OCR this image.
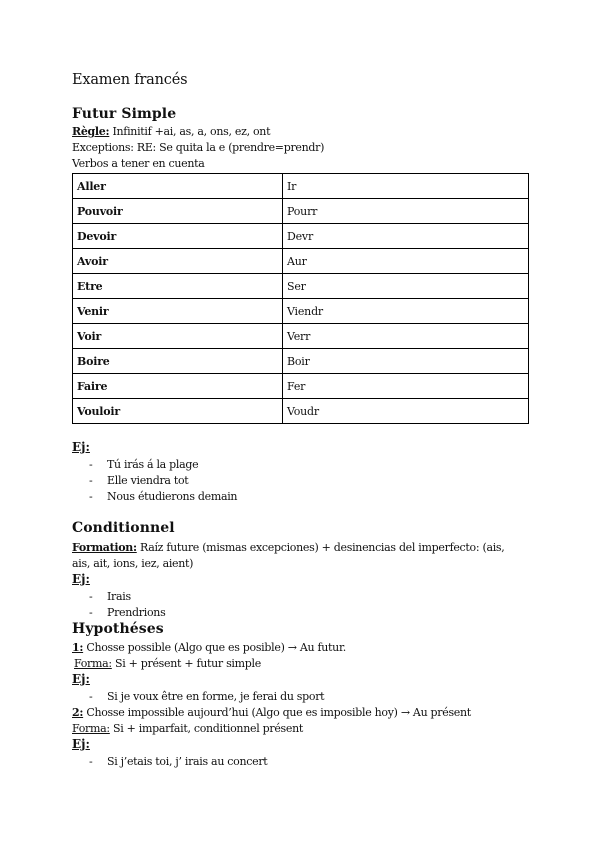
Examen francés
Futur Simple
Règle: Infinitif +ai, as, a, ons, ez, ont
Exceptions: RE: Se quita la e (prendre=prendr)
Verbos a tener en cuenta
Aller	Ir
Pouvoir	Pourr
Devoir	Devr
Avoir	Aur
Etre	Ser
Venir	Viendr
Voir	Verr
Boire	Boir
Faire	Fer
Vouloir	Voudr
Ej:
- Tú irás á la plage
- Elle viendra tot
- Nous étudierons demain
Conditionnel
Formation: Raíz future (mismas excepciones) + desinencias del imperfecto: (ais,
ais, ait, ions, iez, aient)
Ej:
- Irais
- Prendrions
Hypothéses
1: Chosse possible (Algo que es posible) → Au futur.
Forma: Si + présent + futur simple
Ej:
- Si je voux être en forme, je ferai du sport
2: Chosse impossible aujourd’hui (Algo que es imposible hoy) → Au présent
Forma: Si + imparfait, conditionnel présent
Ej:
- Si j’etais toi, j’ irais au concert
